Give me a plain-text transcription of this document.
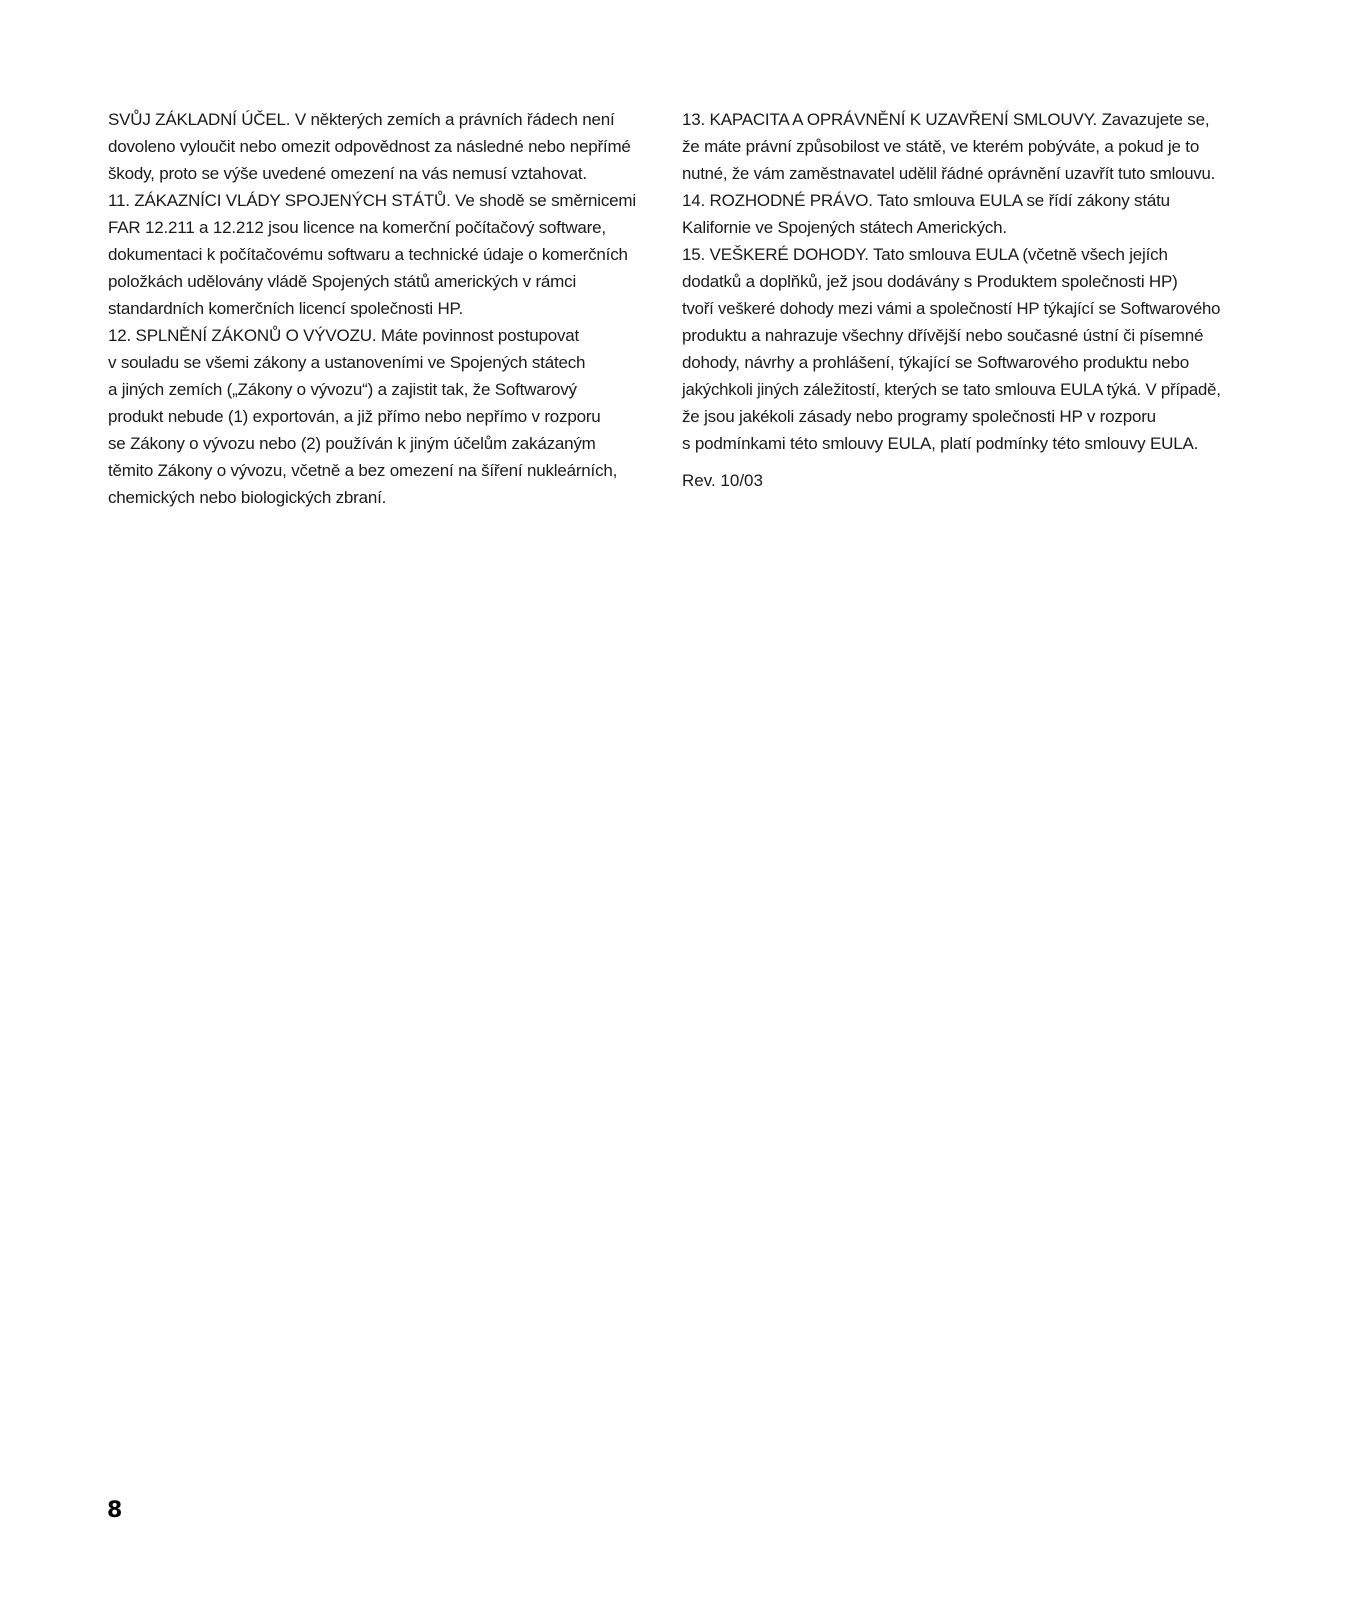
SVŮJ ZÁKLADNÍ ÚČEL. V některých zemích a právních řádech není
dovoleno vyloučit nebo omezit odpovědnost za následné nebo nepřímé
škody, proto se výše uvedené omezení na vás nemusí vztahovat.
11. ZÁKAZNÍCI VLÁDY SPOJENÝCH STÁTŮ. Ve shodě se směrnicemi
FAR 12.211 a 12.212 jsou licence na komerční počítačový software,
dokumentaci k počítačovému softwaru a technické údaje o komerčních
položkách udělovány vládě Spojených států amerických v rámci
standardních komerčních licencí společnosti HP.
12. SPLNĚNÍ ZÁKONŮ O VÝVOZU. Máte povinnost postupovat
v souladu se všemi zákony a ustanoveními ve Spojených státech
a jiných zemích („Zákony o vývozu“) a zajistit tak, že Softwarový
produkt nebude (1) exportován, a již přímo nebo nepřímo v rozporu
se Zákony o vývozu nebo (2) používán k jiným účelům zakázaným
těmito Zákony o vývozu, včetně a bez omezení na šíření nukleárních,
chemických nebo biologických zbraní.
13. KAPACITA A OPRÁVNĚNÍ K UZAVŘENÍ SMLOUVY. Zavazujete se,
že máte právní způsobilost ve státě, ve kterém pobýváte, a pokud je to
nutné, že vám zaměstnavatel udělil řádné oprávnění uzavřít tuto smlouvu.
14. ROZHODNÉ PRÁVO. Tato smlouva EULA se řídí zákony státu
Kalifornie ve Spojených státech Amerických.
15. VEŠKERÉ DOHODY. Tato smlouva EULA (včetně všech jejích
dodatků a doplňků, jež jsou dodávány s Produktem společnosti HP)
tvoří veškeré dohody mezi vámi a společností HP týkající se Softwarového
produktu a nahrazuje všechny dřívější nebo současné ústní či písemné
dohody, návrhy a prohlášení, týkající se Softwarového produktu nebo
jakýchkoli jiných záležitostí, kterých se tato smlouva EULA týká. V případě,
že jsou jakékoli zásady nebo programy společnosti HP v rozporu
s podmínkami této smlouvy EULA, platí podmínky této smlouvy EULA.
Rev. 10/03
8
